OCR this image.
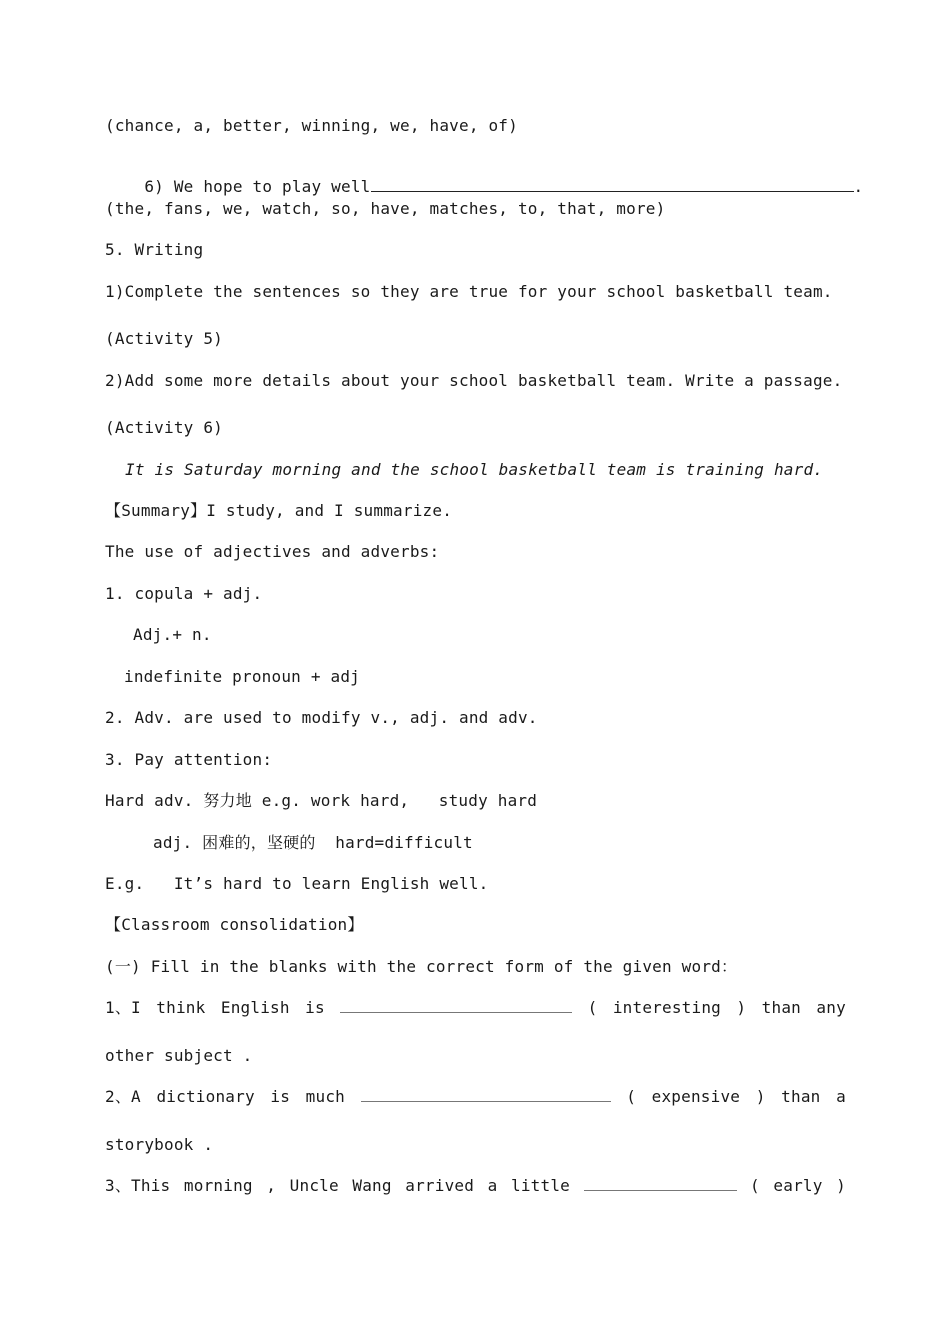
(chance, a, better, winning, we, have, of)

6) We hope to play well	.

(the, fans, we, watch, so, have, matches, to, that, more)
5. Writing
1)Complete the sentences so they are true for your school basketball team.
(Activity 5)
2)Add some more details about your school basketball team. Write a passage.
(Activity 6)
It is Saturday morning and the school basketball team is training hard.
【Summary】I study, and I summarize.
The use of adjectives and adverbs:
1. copula + adj.
Adj.+ n.
indefinite pronoun + adj
2. Adv. are used to modify v., adj. and adv.
3. Pay attention:
Hard adv. 努力地 e.g. work hard,   study hard
adj. 困难的，坚硬的  hard=difficult
E.g.   It’s hard to learn English well.
【Classroom consolidation】
(一) Fill in the blanks with the correct form of the given word：
1、I think English is	( interesting ) than any
other subject .
2、A dictionary is much	( expensive ) than a
storybook .
3、This morning , Uncle Wang arrived a little	( early )
